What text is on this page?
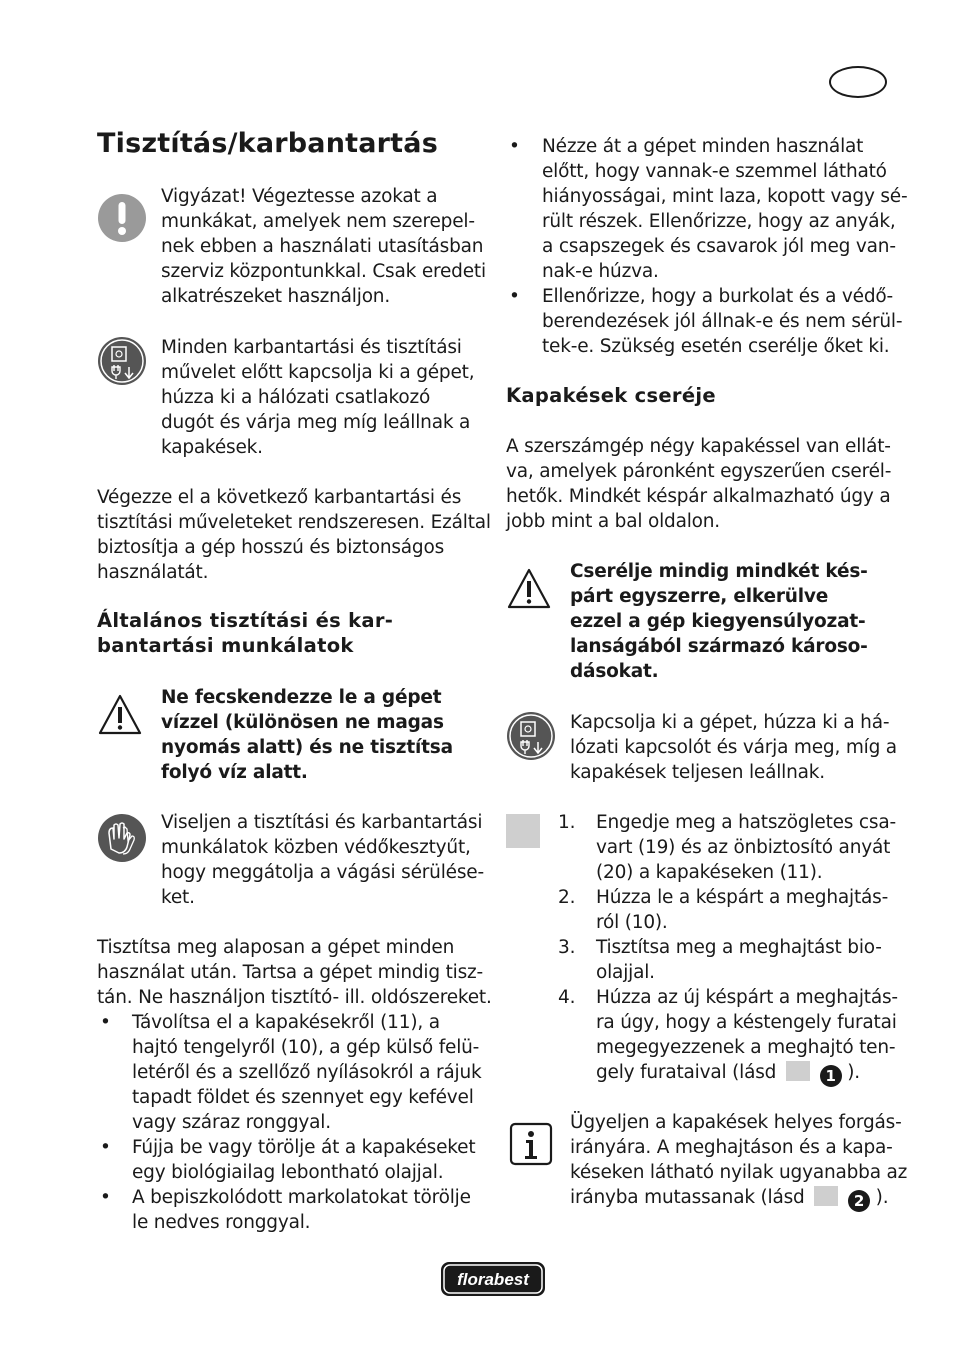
Tisztítás/karbantartás
Vigyázat! Végeztesse azokat a
munkákat, amelyek nem szerepel-
nek ebben a használati utasításban
szerviz központunkkal. Csak eredeti
alkatrészeket használjon.
Minden karbantartási és tisztítási
művelet előtt kapcsolja ki a gépet,
húzza ki a hálózati csatlakozó
dugót és várja meg míg leállnak a
kapakések.
Végezze el a következő karbantartási és
tisztítási műveleteket rendszeresen. Ezáltal
biztosítja a gép hosszú és biztonságos
használatát.
Általános tisztítási és kar-
bantartási munkálatok
Ne fecskendezze le a gépet
vízzel (különösen ne magas
nyomás alatt) és ne tisztítsa
folyó víz alatt.
Viseljen a tisztítási és karbantartási
munkálatok közben védőkesztyűt,
hogy meggátolja a vágási sérülése-
ket.
Tisztítsa meg alaposan a gépet minden
használat után. Tartsa a gépet mindig tisz-
tán. Ne használjon tisztító- ill. oldószereket.
• Távolítsa el a kapakésekről (11), a
hajtó tengelyről (10), a gép külső felü-
letéről és a szellőző nyílásokról a rájuk
tapadt földet és szennyet egy kefével
vagy száraz ronggyal.
• Fújja be vagy törölje át a kapakéseket
egy biológiailag lebontható olajjal.
• A bepiszkolódott markolatokat törölje
le nedves ronggyal.
• Nézze át a gépet minden használat
előtt, hogy vannak-e szemmel látható
hiányosságai, mint laza, kopott vagy sé-
rült részek. Ellenőrizze, hogy az anyák,
a csapszegek és csavarok jól meg van-
nak-e húzva.
• Ellenőrizze, hogy a burkolat és a védő-
berendezések jól állnak-e és nem sérül-
tek-e. Szükség esetén cserélje őket ki.
Kapakések cseréje
A szerszámgép négy kapakéssel van ellát-
va, amelyek páronként egyszerűen cserél-
hetők. Mindkét késpár alkalmazható úgy a
jobb mint a bal oldalon.
Cserélje mindig mindkét kés-
párt egyszerre, elkerülve
ezzel a gép kiegyensúlyozat-
lanságából származó károso-
dásokat.
Kapcsolja ki a gépet, húzza ki a há-
lózati kapcsolót és várja meg, míg a
kapakések teljesen leállnak.
1. Engedje meg a hatszögletes csa-
vart (19) és az önbiztosító anyát
(20) a kapakéseken (11).
2. Húzza le a késpárt a meghajtás-
ról (10).
3. Tisztítsa meg a meghajtást bio-
olajjal.
4. Húzza az új késpárt a meghajtás-
ra úgy, hogy a késtengely furatai
megegyezzenek a meghajtó ten-
gely furataival (lásd	1 ).
Ügyeljen a kapakések helyes forgás-
irányára. A meghajtáson és a kapa-
késeken látható nyilak ugyanabba az
irányba mutassanak (lásd	2 ).
florabest
